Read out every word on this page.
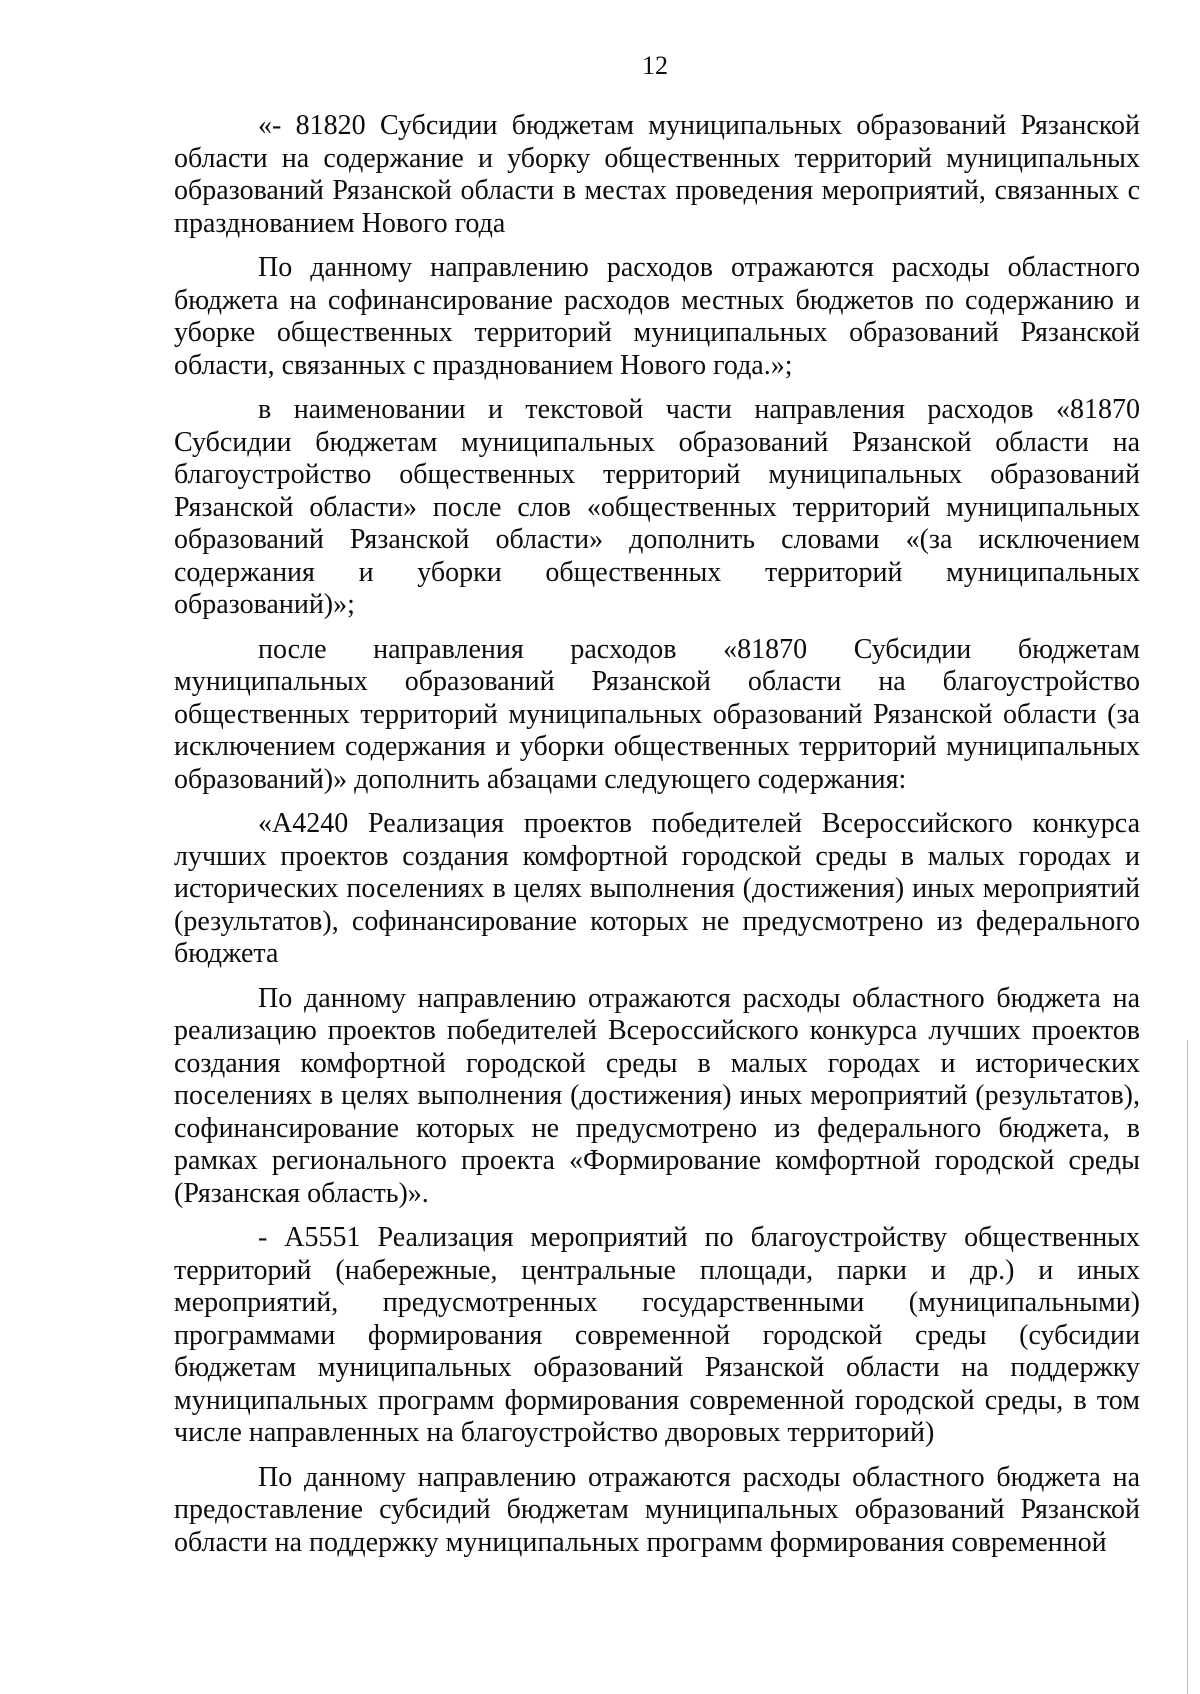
12

«- 81820 Субсидии бюджетам муниципальных образований Рязанской области на содержание и уборку общественных территорий муниципальных образований Рязанской области в местах проведения мероприятий, связанных с празднованием Нового года

По данному направлению расходов отражаются расходы областного бюджета на софинансирование расходов местных бюджетов по содержанию и уборке общественных территорий муниципальных образований Рязанской области, связанных с празднованием Нового года.»;

в наименовании и текстовой части направления расходов «81870 Субсидии бюджетам муниципальных образований Рязанской области на благоустройство общественных территорий муниципальных образований Рязанской области» после слов «общественных территорий муниципальных образований Рязанской области» дополнить словами «(за исключением содержания и уборки общественных территорий муниципальных образований)»;

после направления расходов «81870 Субсидии бюджетам муниципальных образований Рязанской области на благоустройство общественных территорий муниципальных образований Рязанской области (за исключением содержания и уборки общественных территорий муниципальных образований)» дополнить абзацами следующего содержания:

«А4240 Реализация проектов победителей Всероссийского конкурса лучших проектов создания комфортной городской среды в малых городах и исторических поселениях в целях выполнения (достижения) иных мероприятий (результатов), софинансирование которых не предусмотрено из федерального бюджета

По данному направлению отражаются расходы областного бюджета на реализацию проектов победителей Всероссийского конкурса лучших проектов создания комфортной городской среды в малых городах и исторических поселениях в целях выполнения (достижения) иных мероприятий (результатов), софинансирование которых не предусмотрено из федерального бюджета, в рамках регионального проекта «Формирование комфортной городской среды (Рязанская область)».

- А5551 Реализация мероприятий по благоустройству общественных территорий (набережные, центральные площади, парки и др.) и иных мероприятий, предусмотренных государственными (муниципальными) программами формирования современной городской среды (субсидии бюджетам муниципальных образований Рязанской области на поддержку муниципальных программ формирования современной городской среды, в том числе направленных на благоустройство дворовых территорий)

По данному направлению отражаются расходы областного бюджета на предоставление субсидий бюджетам муниципальных образований Рязанской области на поддержку муниципальных программ формирования современной
